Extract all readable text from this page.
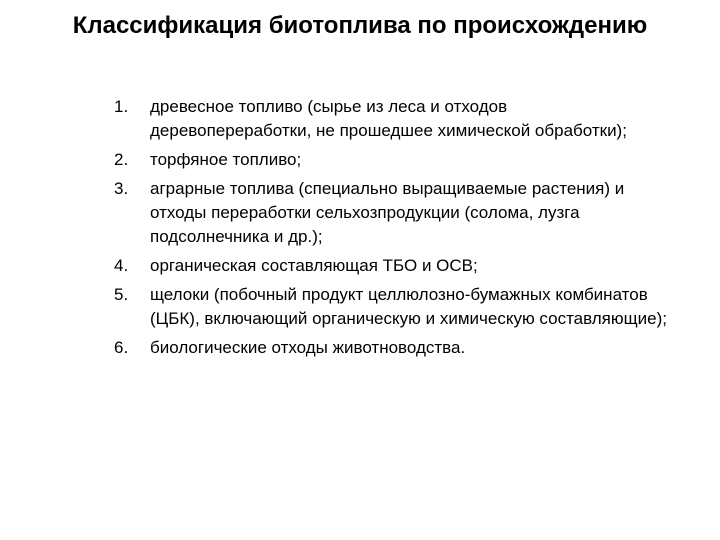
Классификация биотоплива по происхождению
1. древесное топливо (сырье из леса и отходов деревопереработки, не прошедшее химической обработки);
2. торфяное топливо;
3. аграрные топлива (специально выращиваемые растения) и отходы переработки сельхозпродукции (солома, лузга подсолнечника и др.);
4. органическая составляющая ТБО и ОСВ;
5. щелоки (побочный продукт целлюлозно-бумажных комбинатов (ЦБК), включающий органическую и химическую составляющие);
6. биологические отходы животноводства.
